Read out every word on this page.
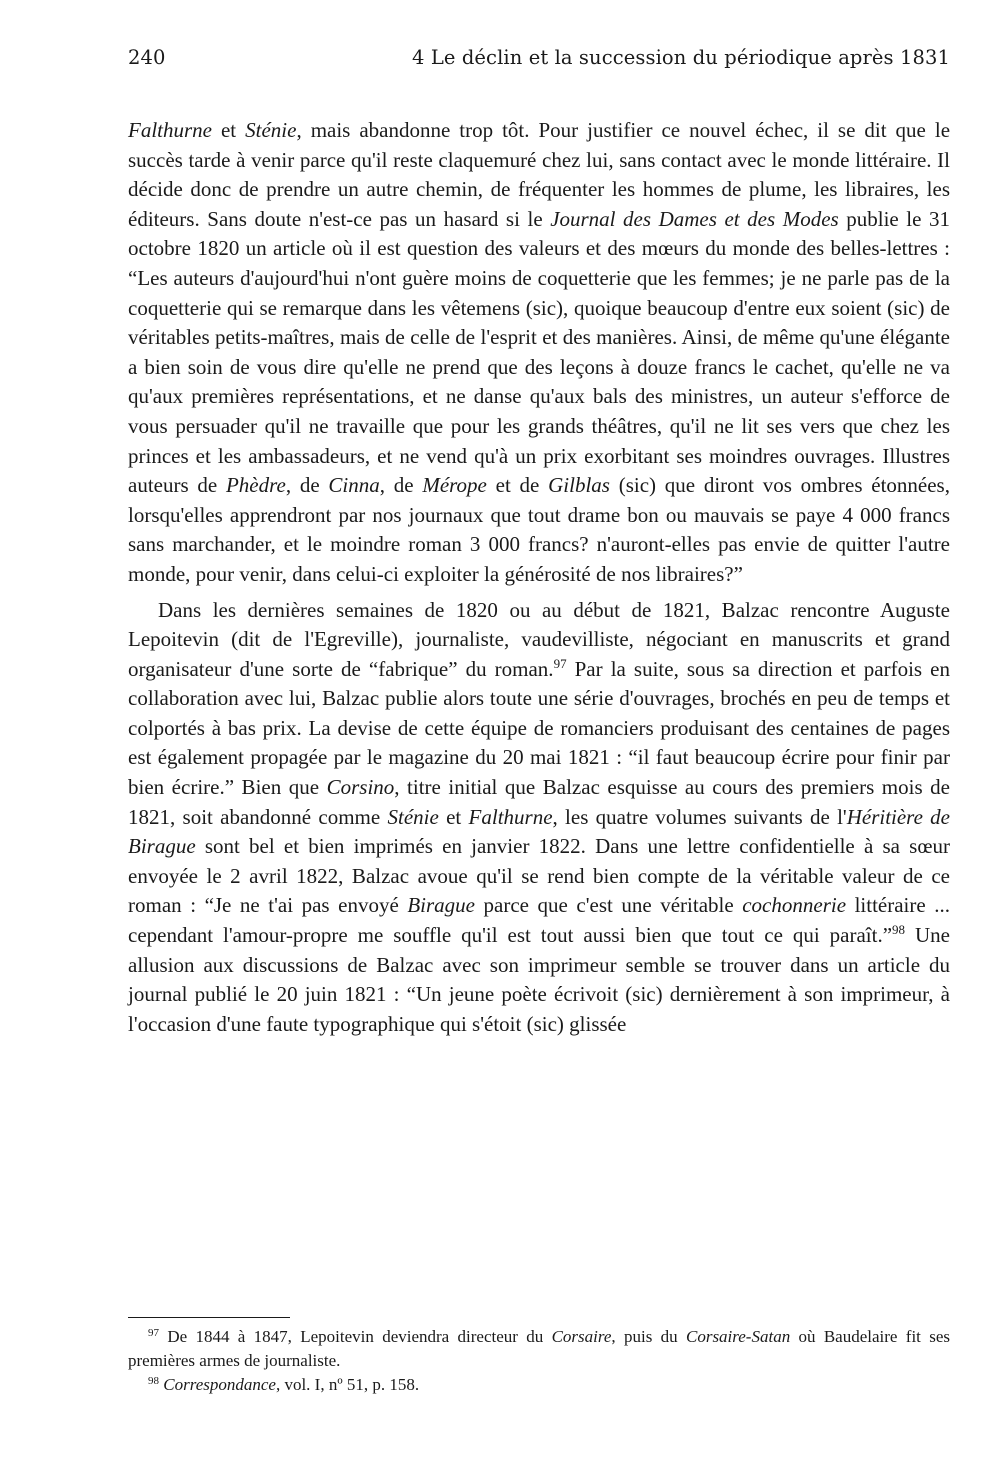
240	4 Le déclin et la succession du périodique après 1831

Falthurne et Sténie, mais abandonne trop tôt. Pour justifier ce nouvel échec, il se dit que le succès tarde à venir parce qu'il reste claquemuré chez lui, sans contact avec le monde littéraire. Il décide donc de prendre un autre chemin, de fréquenter les hommes de plume, les libraires, les éditeurs. Sans doute n'est-ce pas un hasard si le Journal des Dames et des Modes publie le 31 octobre 1820 un article où il est question des valeurs et des mœurs du monde des belles-lettres : “Les auteurs d'aujourd'hui n'ont guère moins de coquetterie que les femmes; je ne parle pas de la coquetterie qui se remarque dans les vêtemens (sic), quoique beaucoup d'entre eux soient (sic) de véritables petits-maîtres, mais de celle de l'esprit et des manières. Ainsi, de même qu'une élégante a bien soin de vous dire qu'elle ne prend que des leçons à douze francs le cachet, qu'elle ne va qu'aux premières représentations, et ne danse qu'aux bals des ministres, un auteur s'efforce de vous persuader qu'il ne travaille que pour les grands théâtres, qu'il ne lit ses vers que chez les princes et les ambassadeurs, et ne vend qu'à un prix exorbitant ses moindres ouvrages. Illustres auteurs de Phèdre, de Cinna, de Mérope et de Gilblas (sic) que diront vos ombres étonnées, lorsqu'elles apprendront par nos journaux que tout drame bon ou mauvais se paye 4 000 francs sans marchander, et le moindre roman 3 000 francs? n'auront-elles pas envie de quitter l'autre monde, pour venir, dans celui-ci exploiter la générosité de nos libraires?”

Dans les dernières semaines de 1820 ou au début de 1821, Balzac rencontre Auguste Lepoitevin (dit de l'Egreville), journaliste, vaudevilliste, négociant en manuscrits et grand organisateur d'une sorte de “fabrique” du roman.$^{97}$ Par la suite, sous sa direction et parfois en collaboration avec lui, Balzac publie alors toute une série d'ouvrages, brochés en peu de temps et colportés à bas prix. La devise de cette équipe de romanciers produisant des centaines de pages est également propagée par le magazine du 20 mai 1821 : “il faut beaucoup écrire pour finir par bien écrire.” Bien que Corsino, titre initial que Balzac esquisse au cours des premiers mois de 1821, soit abandonné comme Sténie et Falthurne, les quatre volumes suivants de l'Héritière de Birague sont bel et bien imprimés en janvier 1822. Dans une lettre confidentielle à sa sœur envoyée le 2 avril 1822, Balzac avoue qu'il se rend bien compte de la véritable valeur de ce roman : “Je ne t'ai pas envoyé Birague parce que c'est une véritable cochonnerie littéraire ... cependant l'amour-propre me souffle qu'il est tout aussi bien que tout ce qui paraît.”$^{98}$ Une allusion aux discussions de Balzac avec son imprimeur semble se trouver dans un article du journal publié le 20 juin 1821 : “Un jeune poète écrivoit (sic) dernièrement à son imprimeur, à l'occasion d'une faute typographique qui s'étoit (sic) glissée

$^{97}$ De 1844 à 1847, Lepoitevin deviendra directeur du Corsaire, puis du Corsaire-Satan où Baudelaire fit ses premières armes de journaliste.

$^{98}$ Correspondance, vol. I, nº 51, p. 158.
